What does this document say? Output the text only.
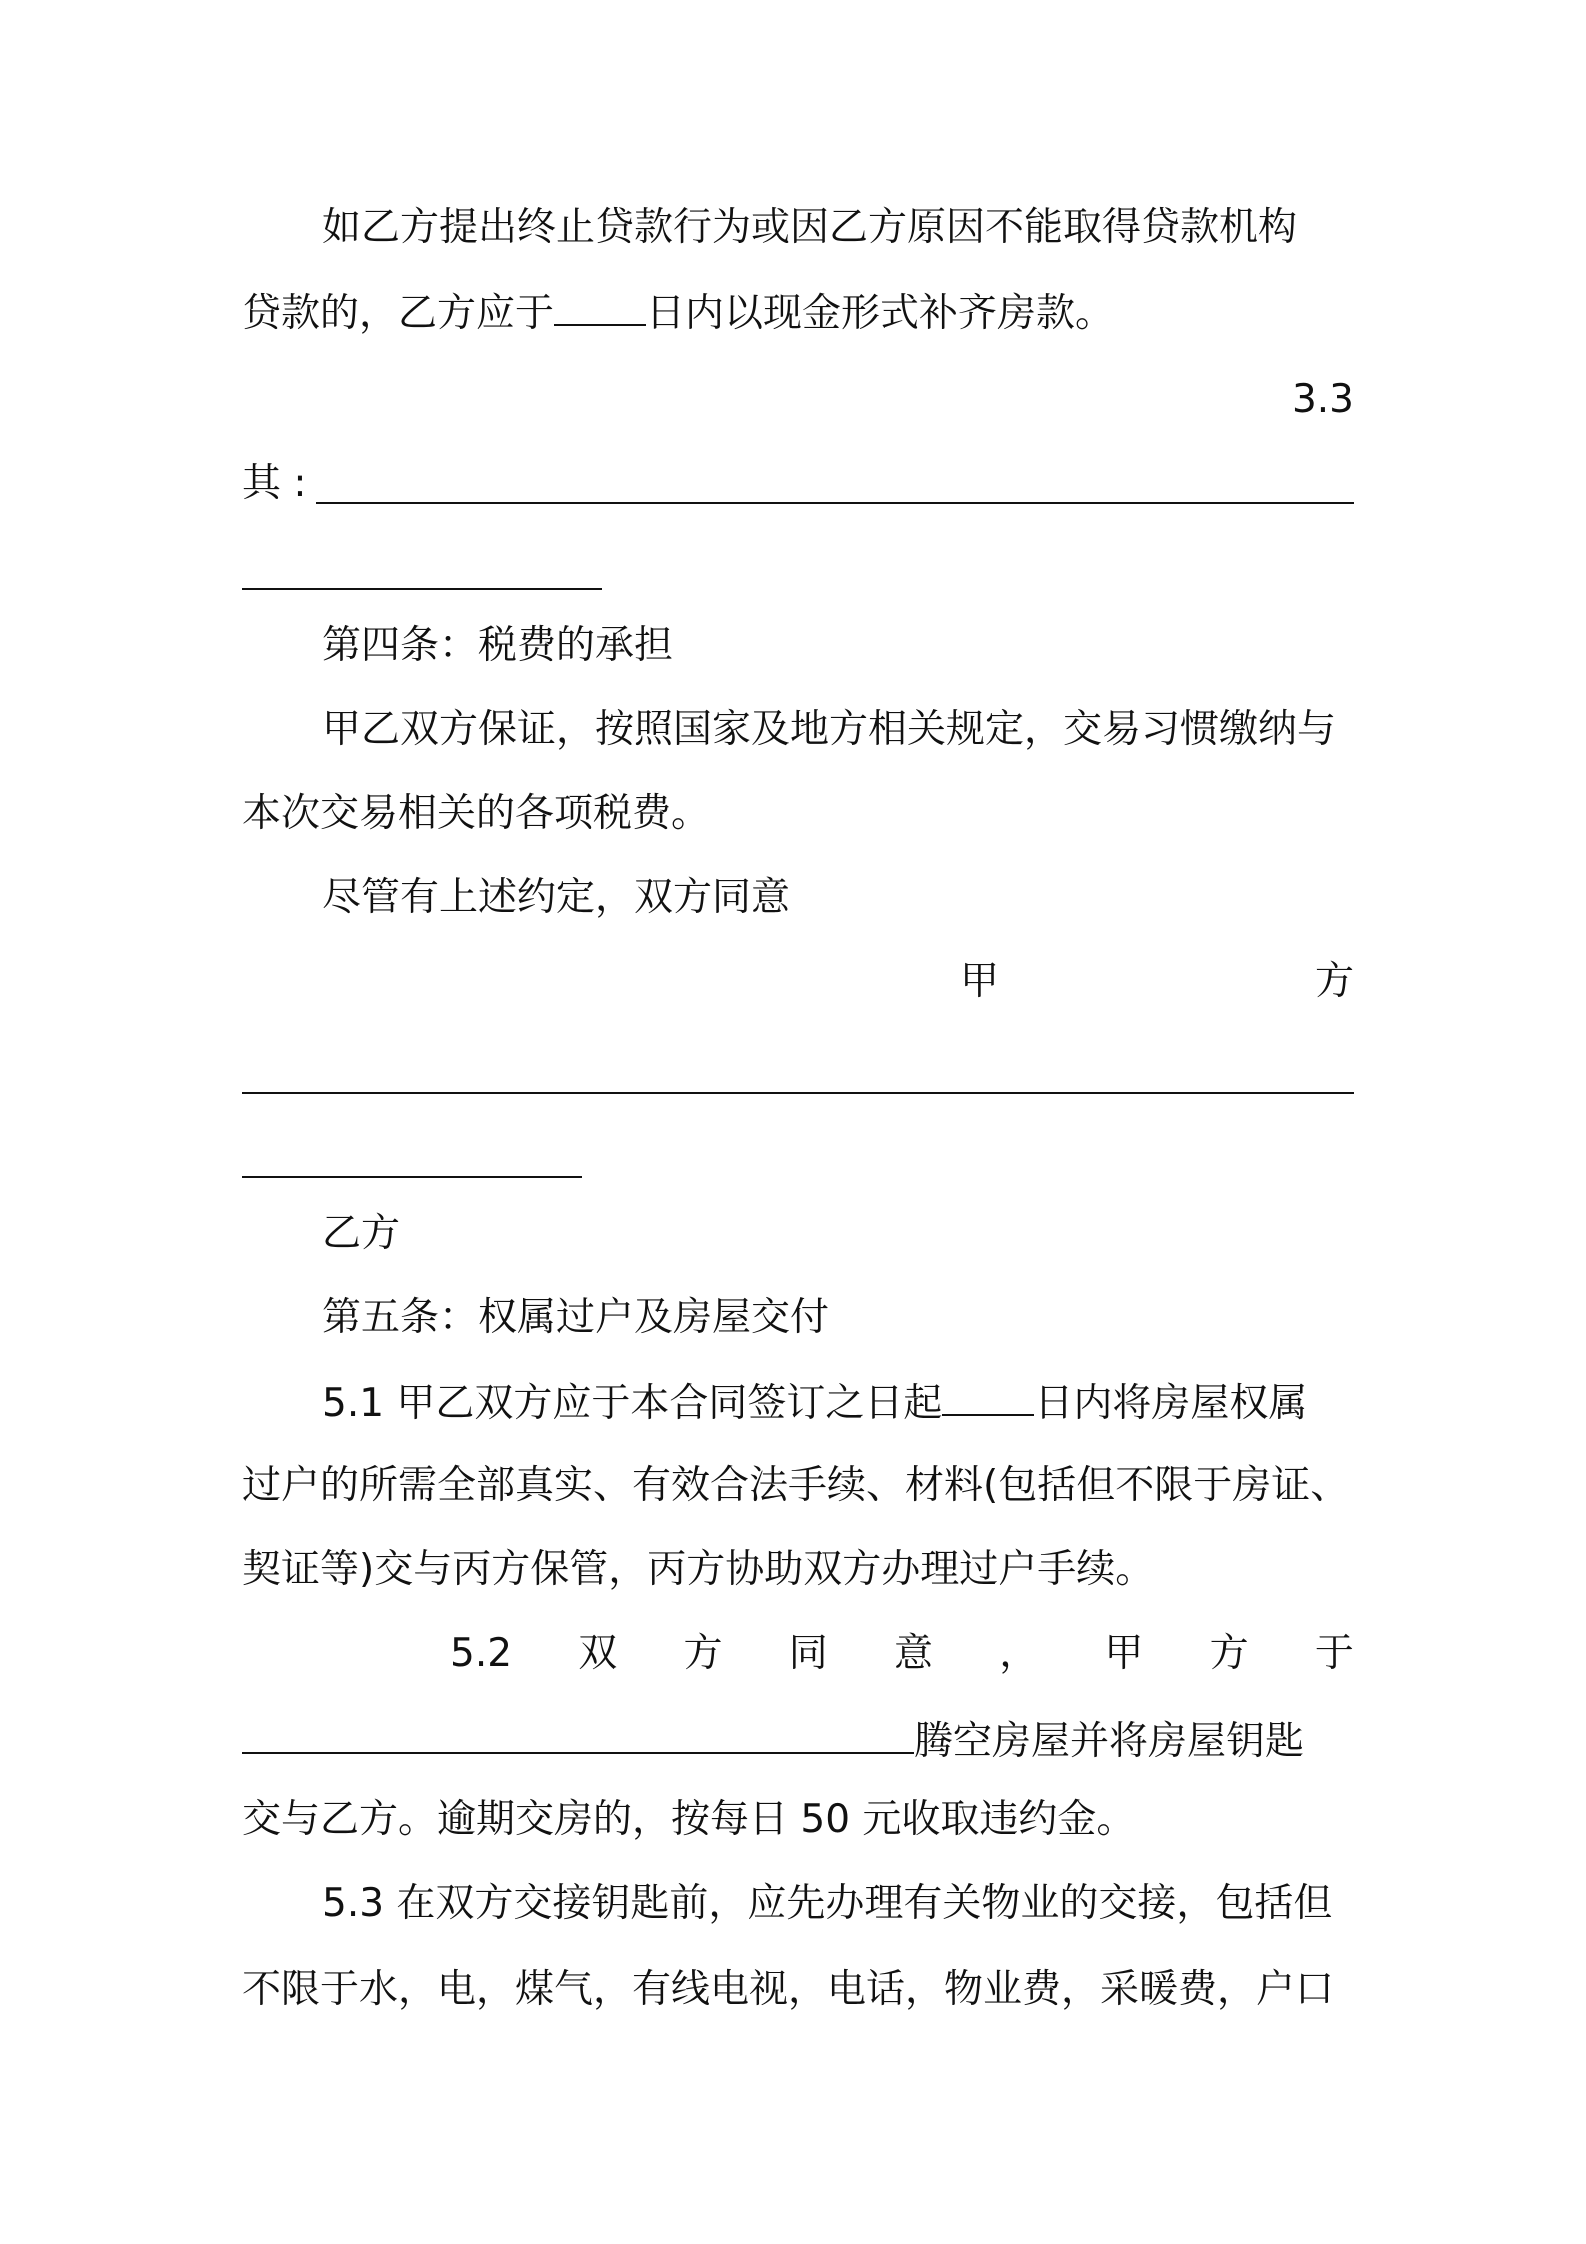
如乙方提出终止贷款行为或因乙方原因不能取得贷款机构
贷款的，乙方应于 日内以现金形式补齐房款。
3.3
其 :
第四条：税费的承担
甲乙双方保证，按照国家及地方相关规定，交易习惯缴纳与
本次交易相关的各项税费。
尽管有上述约定，双方同意
甲	方
乙方
第五条：权属过户及房屋交付
5.1 甲乙双方应于本合同签订之日起 日内将房屋权属
过户的所需全部真实、有效合法手续、材料(包括但不限于房证、
契证等)交与丙方保管，丙方协助双方办理过户手续。
5.2 双 方 同 意 ， 甲 方 于
腾空房屋并将房屋钥匙
交与乙方。逾期交房的，按每日 50 元收取违约金。
5.3 在双方交接钥匙前，应先办理有关物业的交接，包括但
不限于水，电，煤气，有线电视，电话，物业费，采暖费，户口
